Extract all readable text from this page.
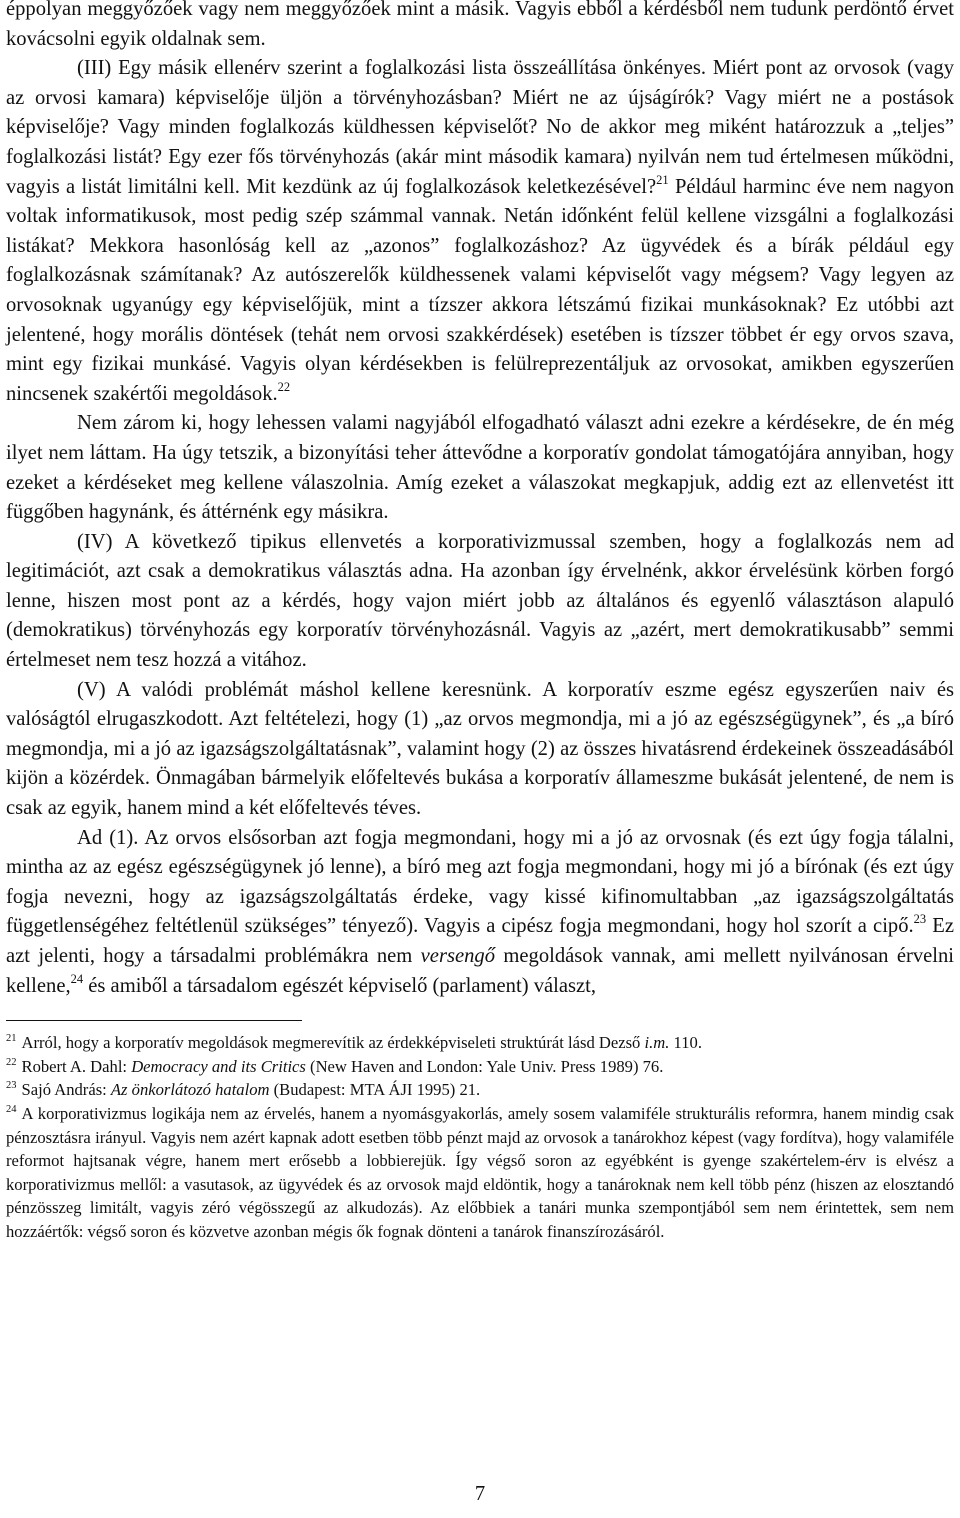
éppolyan meggyőzőek vagy nem meggyőzőek mint a másik. Vagyis ebből a kérdésből nem tudunk perdöntő érvet kovácsolni egyik oldalnak sem.

(III) Egy másik ellenérv szerint a foglalkozási lista összeállítása önkényes. Miért pont az orvosok (vagy az orvosi kamara) képviselője üljön a törvényhozásban? Miért ne az újságírók? Vagy miért ne a postások képviselője? Vagy minden foglalkozás küldhessen képviselőt? No de akkor meg miként határozzuk a „teljes” foglalkozási listát? Egy ezer fős törvényhozás (akár mint második kamara) nyilván nem tud értelmesen működni, vagyis a listát limitálni kell. Mit kezdünk az új foglalkozások keletkezésével?$^{21}$ Például harminc éve nem nagyon voltak informatikusok, most pedig szép számmal vannak. Netán időnként felül kellene vizsgálni a foglalkozási listákat? Mekkora hasonlóság kell az „azonos” foglalkozáshoz? Az ügyvédek és a bírák például egy foglalkozásnak számítanak? Az autószerelők küldhessenek valami képviselőt vagy mégsem? Vagy legyen az orvosoknak ugyanúgy egy képviselőjük, mint a tízszer akkora létszámú fizikai munkásoknak? Ez utóbbi azt jelentené, hogy morális döntések (tehát nem orvosi szakkérdések) esetében is tízszer többet ér egy orvos szava, mint egy fizikai munkásé. Vagyis olyan kérdésekben is felülreprezentáljuk az orvosokat, amikben egyszerűen nincsenek szakértői megoldások.$^{22}$

Nem zárom ki, hogy lehessen valami nagyjából elfogadható választ adni ezekre a kérdésekre, de én még ilyet nem láttam. Ha úgy tetszik, a bizonyítási teher áttevődne a korporatív gondolat támogatójára annyiban, hogy ezeket a kérdéseket meg kellene válaszolnia. Amíg ezeket a válaszokat megkapjuk, addig ezt az ellenvetést itt függőben hagynánk, és áttérnénk egy másikra.

(IV) A következő tipikus ellenvetés a korporativizmussal szemben, hogy a foglalkozás nem ad legitimációt, azt csak a demokratikus választás adna. Ha azonban így érvelnénk, akkor érvelésünk körben forgó lenne, hiszen most pont az a kérdés, hogy vajon miért jobb az általános és egyenlő választáson alapuló (demokratikus) törvényhozás egy korporatív törvényhozásnál. Vagyis az „azért, mert demokratikusabb” semmi értelmeset nem tesz hozzá a vitához.

(V) A valódi problémát máshol kellene keresnünk. A korporatív eszme egész egyszerűen naiv és valóságtól elrugaszkodott. Azt feltételezi, hogy (1) „az orvos megmondja, mi a jó az egészségügynek”, és „a bíró megmondja, mi a jó az igazságszolgáltatásnak”, valamint hogy (2) az összes hivatásrend érdekeinek összeadásából kijön a közérdek. Önmagában bármelyik előfeltevés bukása a korporatív állameszme bukását jelentené, de nem is csak az egyik, hanem mind a két előfeltevés téves.

Ad (1). Az orvos elsősorban azt fogja megmondani, hogy mi a jó az orvosnak (és ezt úgy fogja tálalni, mintha az az egész egészségügynek jó lenne), a bíró meg azt fogja megmondani, hogy mi jó a bírónak (és ezt úgy fogja nevezni, hogy az igazságszolgáltatás érdeke, vagy kissé kifinomultabban „az igazságszolgáltatás függetlenségéhez feltétlenül szükséges” tényező). Vagyis a cipész fogja megmondani, hogy hol szorít a cipő.$^{23}$ Ez azt jelenti, hogy a társadalmi problémákra nem versengő megoldások vannak, ami mellett nyilvánosan érvelni kellene,$^{24}$ és amiből a társadalom egészét képviselő (parlament) választ,

$^{21}$ Arról, hogy a korporatív megoldások megmerevítik az érdekképviseleti struktúrát lásd Dezső i.m. 110.

$^{22}$ Robert A. Dahl: Democracy and its Critics (New Haven and London: Yale Univ. Press 1989) 76.

$^{23}$ Sajó András: Az önkorlátozó hatalom (Budapest: MTA ÁJI 1995) 21.

$^{24}$ A korporativizmus logikája nem az érvelés, hanem a nyomásgyakorlás, amely sosem valamiféle strukturális reformra, hanem mindig csak pénzosztásra irányul. Vagyis nem azért kapnak adott esetben több pénzt majd az orvosok a tanárokhoz képest (vagy fordítva), hogy valamiféle reformot hajtsanak végre, hanem mert erősebb a lobbierejük. Így végső soron az egyébként is gyenge szakértelem-érv is elvész a korporativizmus mellől: a vasutasok, az ügyvédek és az orvosok majd eldöntik, hogy a tanároknak nem kell több pénz (hiszen az elosztandó pénzösszeg limitált, vagyis zéró végösszegű az alkudozás). Az előbbiek a tanári munka szempontjából sem nem érintettek, sem nem hozzáértők: végső soron és közvetve azonban mégis ők fognak dönteni a tanárok finanszírozásáról.

7
